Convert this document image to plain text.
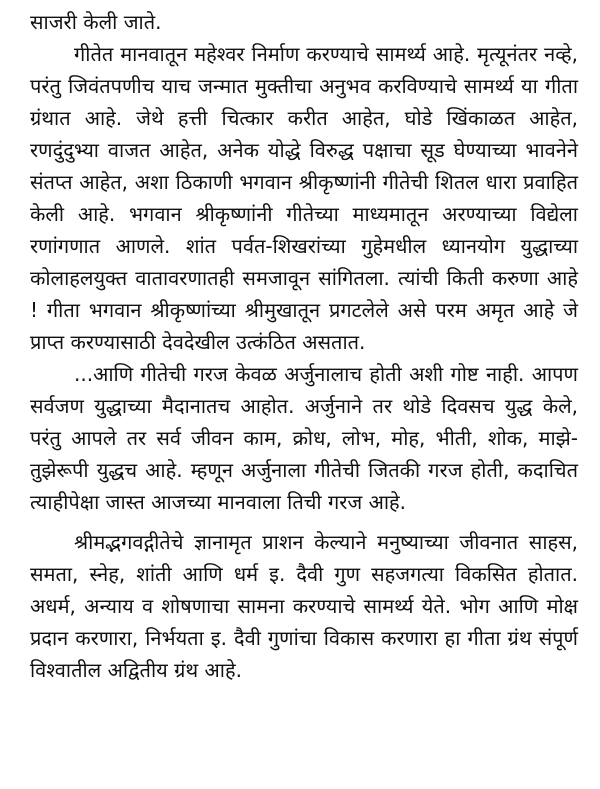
साजरी केली जाते.

गीतेत मानवातून महेश्वर निर्माण करण्याचे सामर्थ्य आहे. मृत्यूनंतर नव्हे, परंतु जिवंतपणीच याच जन्मात मुक्तीचा अनुभव करविण्याचे सामर्थ्य या गीता ग्रंथात आहे. जेथे हत्ती चित्कार करीत आहेत, घोडे खिंकाळत आहेत, रणदुंदुभ्या वाजत आहेत, अनेक योद्धे विरुद्ध पक्षाचा सूड घेण्याच्या भावनेने संतप्त आहेत, अशा ठिकाणी भगवान श्रीकृष्णांनी गीतेची शितल धारा प्रवाहित केली आहे. भगवान श्रीकृष्णांनी गीतेच्या माध्यमातून अरण्याच्या विद्येला रणांगणात आणले. शांत पर्वत-शिखरांच्या गुहेमधील ध्यानयोग युद्धाच्या कोलाहलयुक्त वातावरणातही समजावून सांगितला. त्यांची किती करुणा आहे ! गीता भगवान श्रीकृष्णांच्या श्रीमुखातून प्रगटलेले असे परम अमृत आहे जे प्राप्त करण्यासाठी देवदेखील उत्कंठित असतात.

...आणि गीतेची गरज केवळ अर्जुनालाच होती अशी गोष्ट नाही. आपण सर्वजण युद्धाच्या मैदानातच आहोत. अर्जुनाने तर थोडे दिवसच युद्ध केले, परंतु आपले तर सर्व जीवन काम, क्रोध, लोभ, मोह, भीती, शोक, माझे-तुझेरूपी युद्धच आहे. म्हणून अर्जुनाला गीतेची जितकी गरज होती, कदाचित त्याहीपेक्षा जास्त आजच्या मानवाला तिची गरज आहे.

श्रीमद्भगवद्गीतेचे ज्ञानामृत प्राशन केल्याने मनुष्याच्या जीवनात साहस, समता, स्नेह, शांती आणि धर्म इ. दैवी गुण सहजगत्या विकसित होतात. अधर्म, अन्याय व शोषणाचा सामना करण्याचे सामर्थ्य येते. भोग आणि मोक्ष प्रदान करणारा, निर्भयता इ. दैवी गुणांचा विकास करणारा हा गीता ग्रंथ संपूर्ण विश्वातील अद्वितीय ग्रंथ आहे.
